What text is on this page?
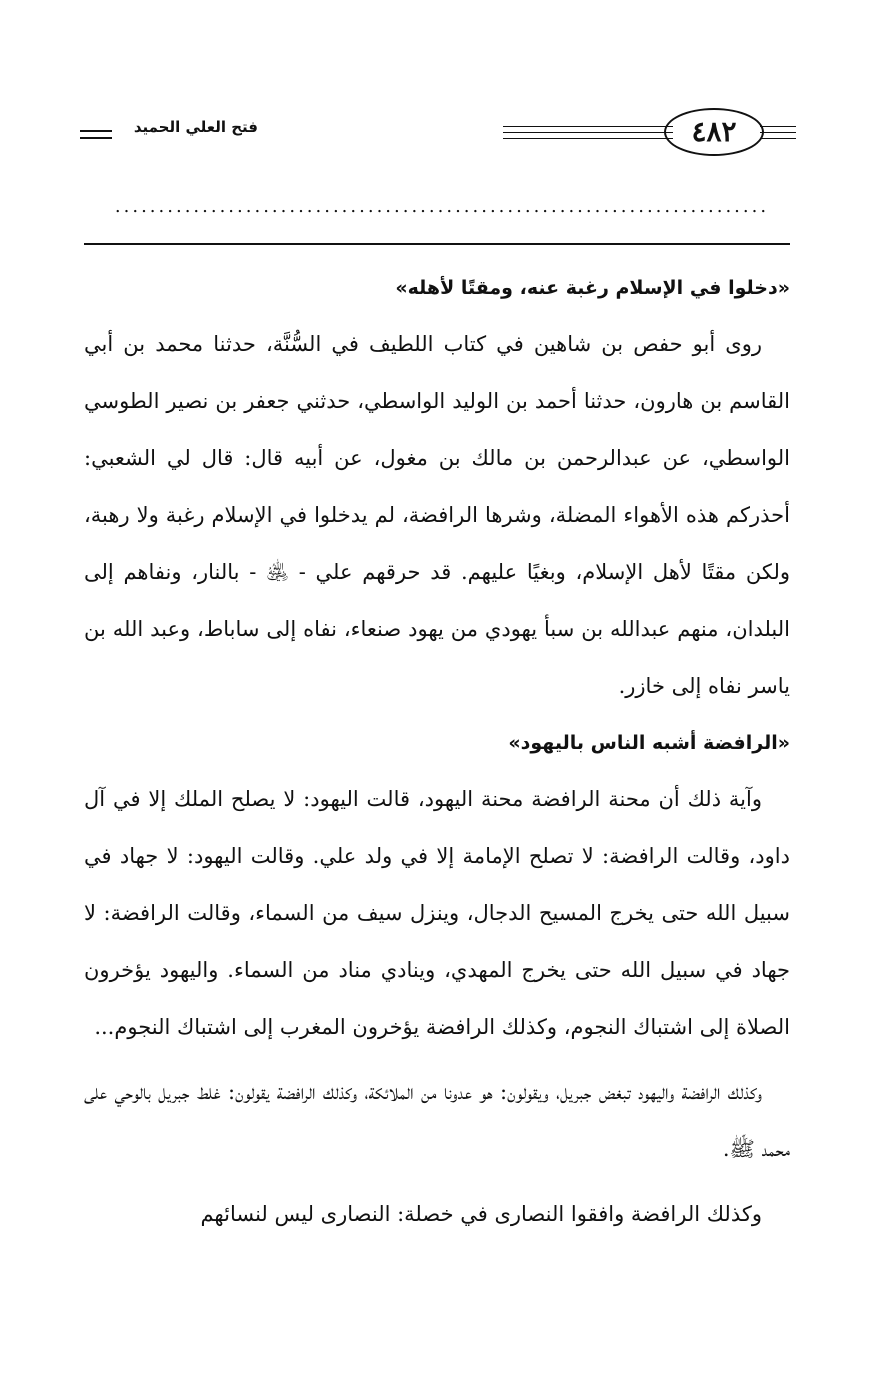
فتح العلي الحميد	٤٨٢
...........................................................................
«دخلوا في الإسلام رغبة عنه، ومقتًا لأهله»

روى أبو حفص بن شاهين في كتاب اللطيف في السُّنَّة، حدثنا محمد بن أبي القاسم بن هارون، حدثنا أحمد بن الوليد الواسطي، حدثني جعفر بن نصير الطوسي الواسطي، عن عبدالرحمن بن مالك بن مغول، عن أبيه قال: قال لي الشعبي: أحذركم هذه الأهواء المضلة، وشرها الرافضة، لم يدخلوا في الإسلام رغبة ولا رهبة، ولكن مقتًا لأهل الإسلام، وبغيًا عليهم. قد حرقهم علي - ﵁ - بالنار، ونفاهم إلى البلدان، منهم عبدالله بن سبأ يهودي من يهود صنعاء، نفاه إلى ساباط، وعبد الله بن ياسر نفاه إلى خازر.

«الرافضة أشبه الناس باليهود»

وآية ذلك أن محنة الرافضة محنة اليهود، قالت اليهود: لا يصلح الملك إلا في آل داود، وقالت الرافضة: لا تصلح الإمامة إلا في ولد علي. وقالت اليهود: لا جهاد في سبيل الله حتى يخرج المسيح الدجال، وينزل سيف من السماء، وقالت الرافضة: لا جهاد في سبيل الله حتى يخرج المهدي، وينادي مناد من السماء. واليهود يؤخرون الصلاة إلى اشتباك النجوم، وكذلك الرافضة يؤخرون المغرب إلى اشتباك النجوم...

وكذلك الرافضة واليهود تبغض جبريل، ويقولون: هو عدونا من الملائكة، وكذلك الرافضة يقولون: غلط جبريل بالوحي على محمد ﷺ.

وكذلك الرافضة وافقوا النصارى في خصلة: النصارى ليس لنسائهم
